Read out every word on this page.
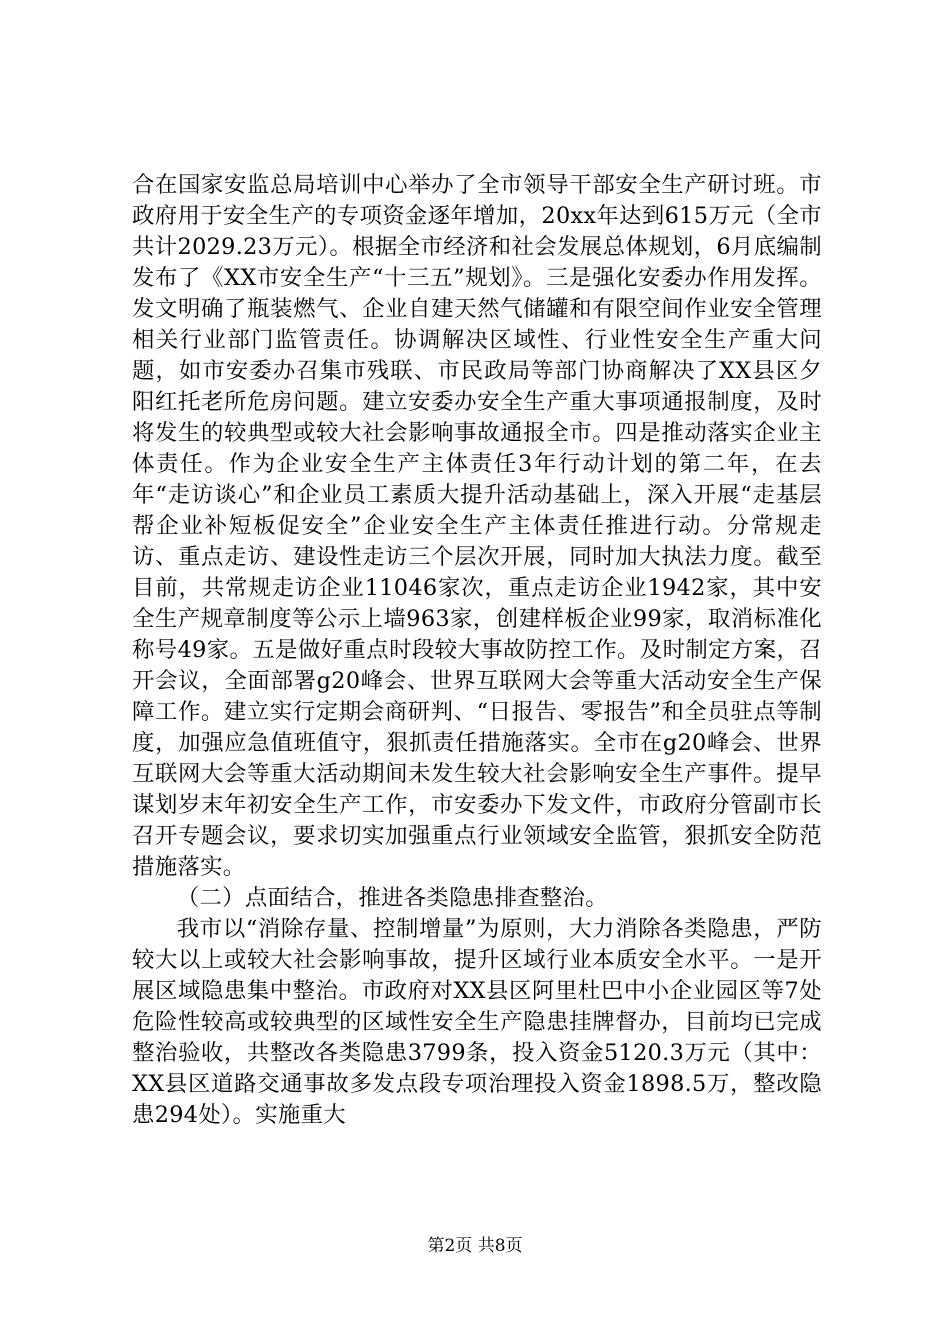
合在国家安监总局培训中心举办了全市领导干部安全生产研讨班。市政府用于安全生产的专项资金逐年增加，20xx年达到615万元（全市共计2029.23万元）。根据全市经济和社会发展总体规划，6月底编制发布了《XX市安全生产“十三五”规划》。三是强化安委办作用发挥。发文明确了瓶装燃气、企业自建天然气储罐和有限空间作业安全管理相关行业部门监管责任。协调解决区域性、行业性安全生产重大问题，如市安委办召集市残联、市民政局等部门协商解决了XX县区夕阳红托老所危房问题。建立安委办安全生产重大事项通报制度，及时将发生的较典型或较大社会影响事故通报全市。四是推动落实企业主体责任。作为企业安全生产主体责任3年行动计划的第二年，在去年“走访谈心”和企业员工素质大提升活动基础上，深入开展“走基层帮企业补短板促安全”企业安全生产主体责任推进行动。分常规走访、重点走访、建设性走访三个层次开展，同时加大执法力度。截至目前，共常规走访企业11046家次，重点走访企业1942家，其中安全生产规章制度等公示上墙963家，创建样板企业99家，取消标准化称号49家。五是做好重点时段较大事故防控工作。及时制定方案，召开会议，全面部署g20峰会、世界互联网大会等重大活动安全生产保障工作。建立实行定期会商研判、“日报告、零报告”和全员驻点等制度，加强应急值班值守，狠抓责任措施落实。全市在g20峰会、世界互联网大会等重大活动期间未发生较大社会影响安全生产事件。提早谋划岁末年初安全生产工作，市安委办下发文件，市政府分管副市长召开专题会议，要求切实加强重点行业领域安全监管，狠抓安全防范措施落实。

（二）点面结合，推进各类隐患排查整治。

我市以“消除存量、控制增量”为原则，大力消除各类隐患，严防较大以上或较大社会影响事故，提升区域行业本质安全水平。一是开展区域隐患集中整治。市政府对XX县区阿里杜巴中小企业园区等7处危险性较高或较典型的区域性安全生产隐患挂牌督办，目前均已完成整治验收，共整改各类隐患3799条，投入资金5120.3万元（其中：XX县区道路交通事故多发点段专项治理投入资金1898.5万，整改隐患294处）。实施重大

第2页 共8页
